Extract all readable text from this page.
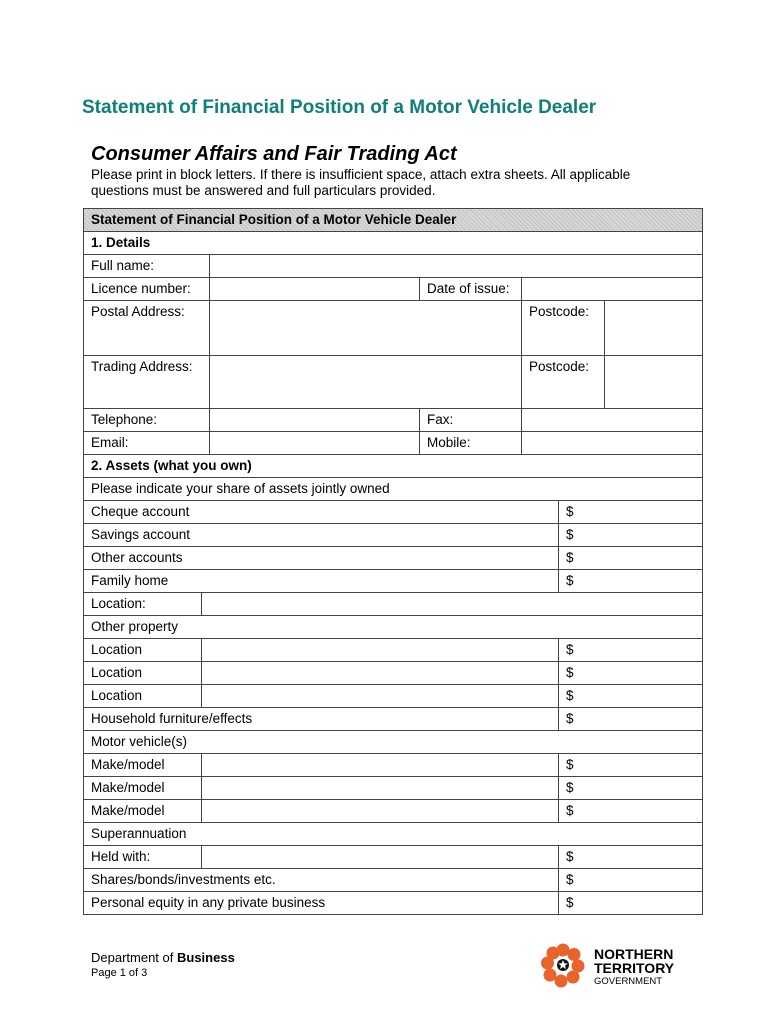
Statement of Financial Position of a Motor Vehicle Dealer
Consumer Affairs and Fair Trading Act
Please print in block letters. If there is insufficient space, attach extra sheets. All applicable questions must be answered and full particulars provided.
Statement of Financial Position of a Motor Vehicle Dealer
1. Details
Full name:
Licence number:	Date of issue:
Postal Address:	Postcode:
Trading Address:	Postcode:
Telephone:	Fax:
Email:	Mobile:
2. Assets (what you own)
Please indicate your share of assets jointly owned
Cheque account	$
Savings account	$
Other accounts	$
Family home	$
Location:
Other property
Location	$
Location	$
Location	$
Household furniture/effects	$
Motor vehicle(s)
Make/model	$
Make/model	$
Make/model	$
Superannuation
Held with:	$
Shares/bonds/investments etc.	$
Personal equity in any private business	$
Department of Business
Page 1 of 3
NORTHERN
TERRITORY
GOVERNMENT
